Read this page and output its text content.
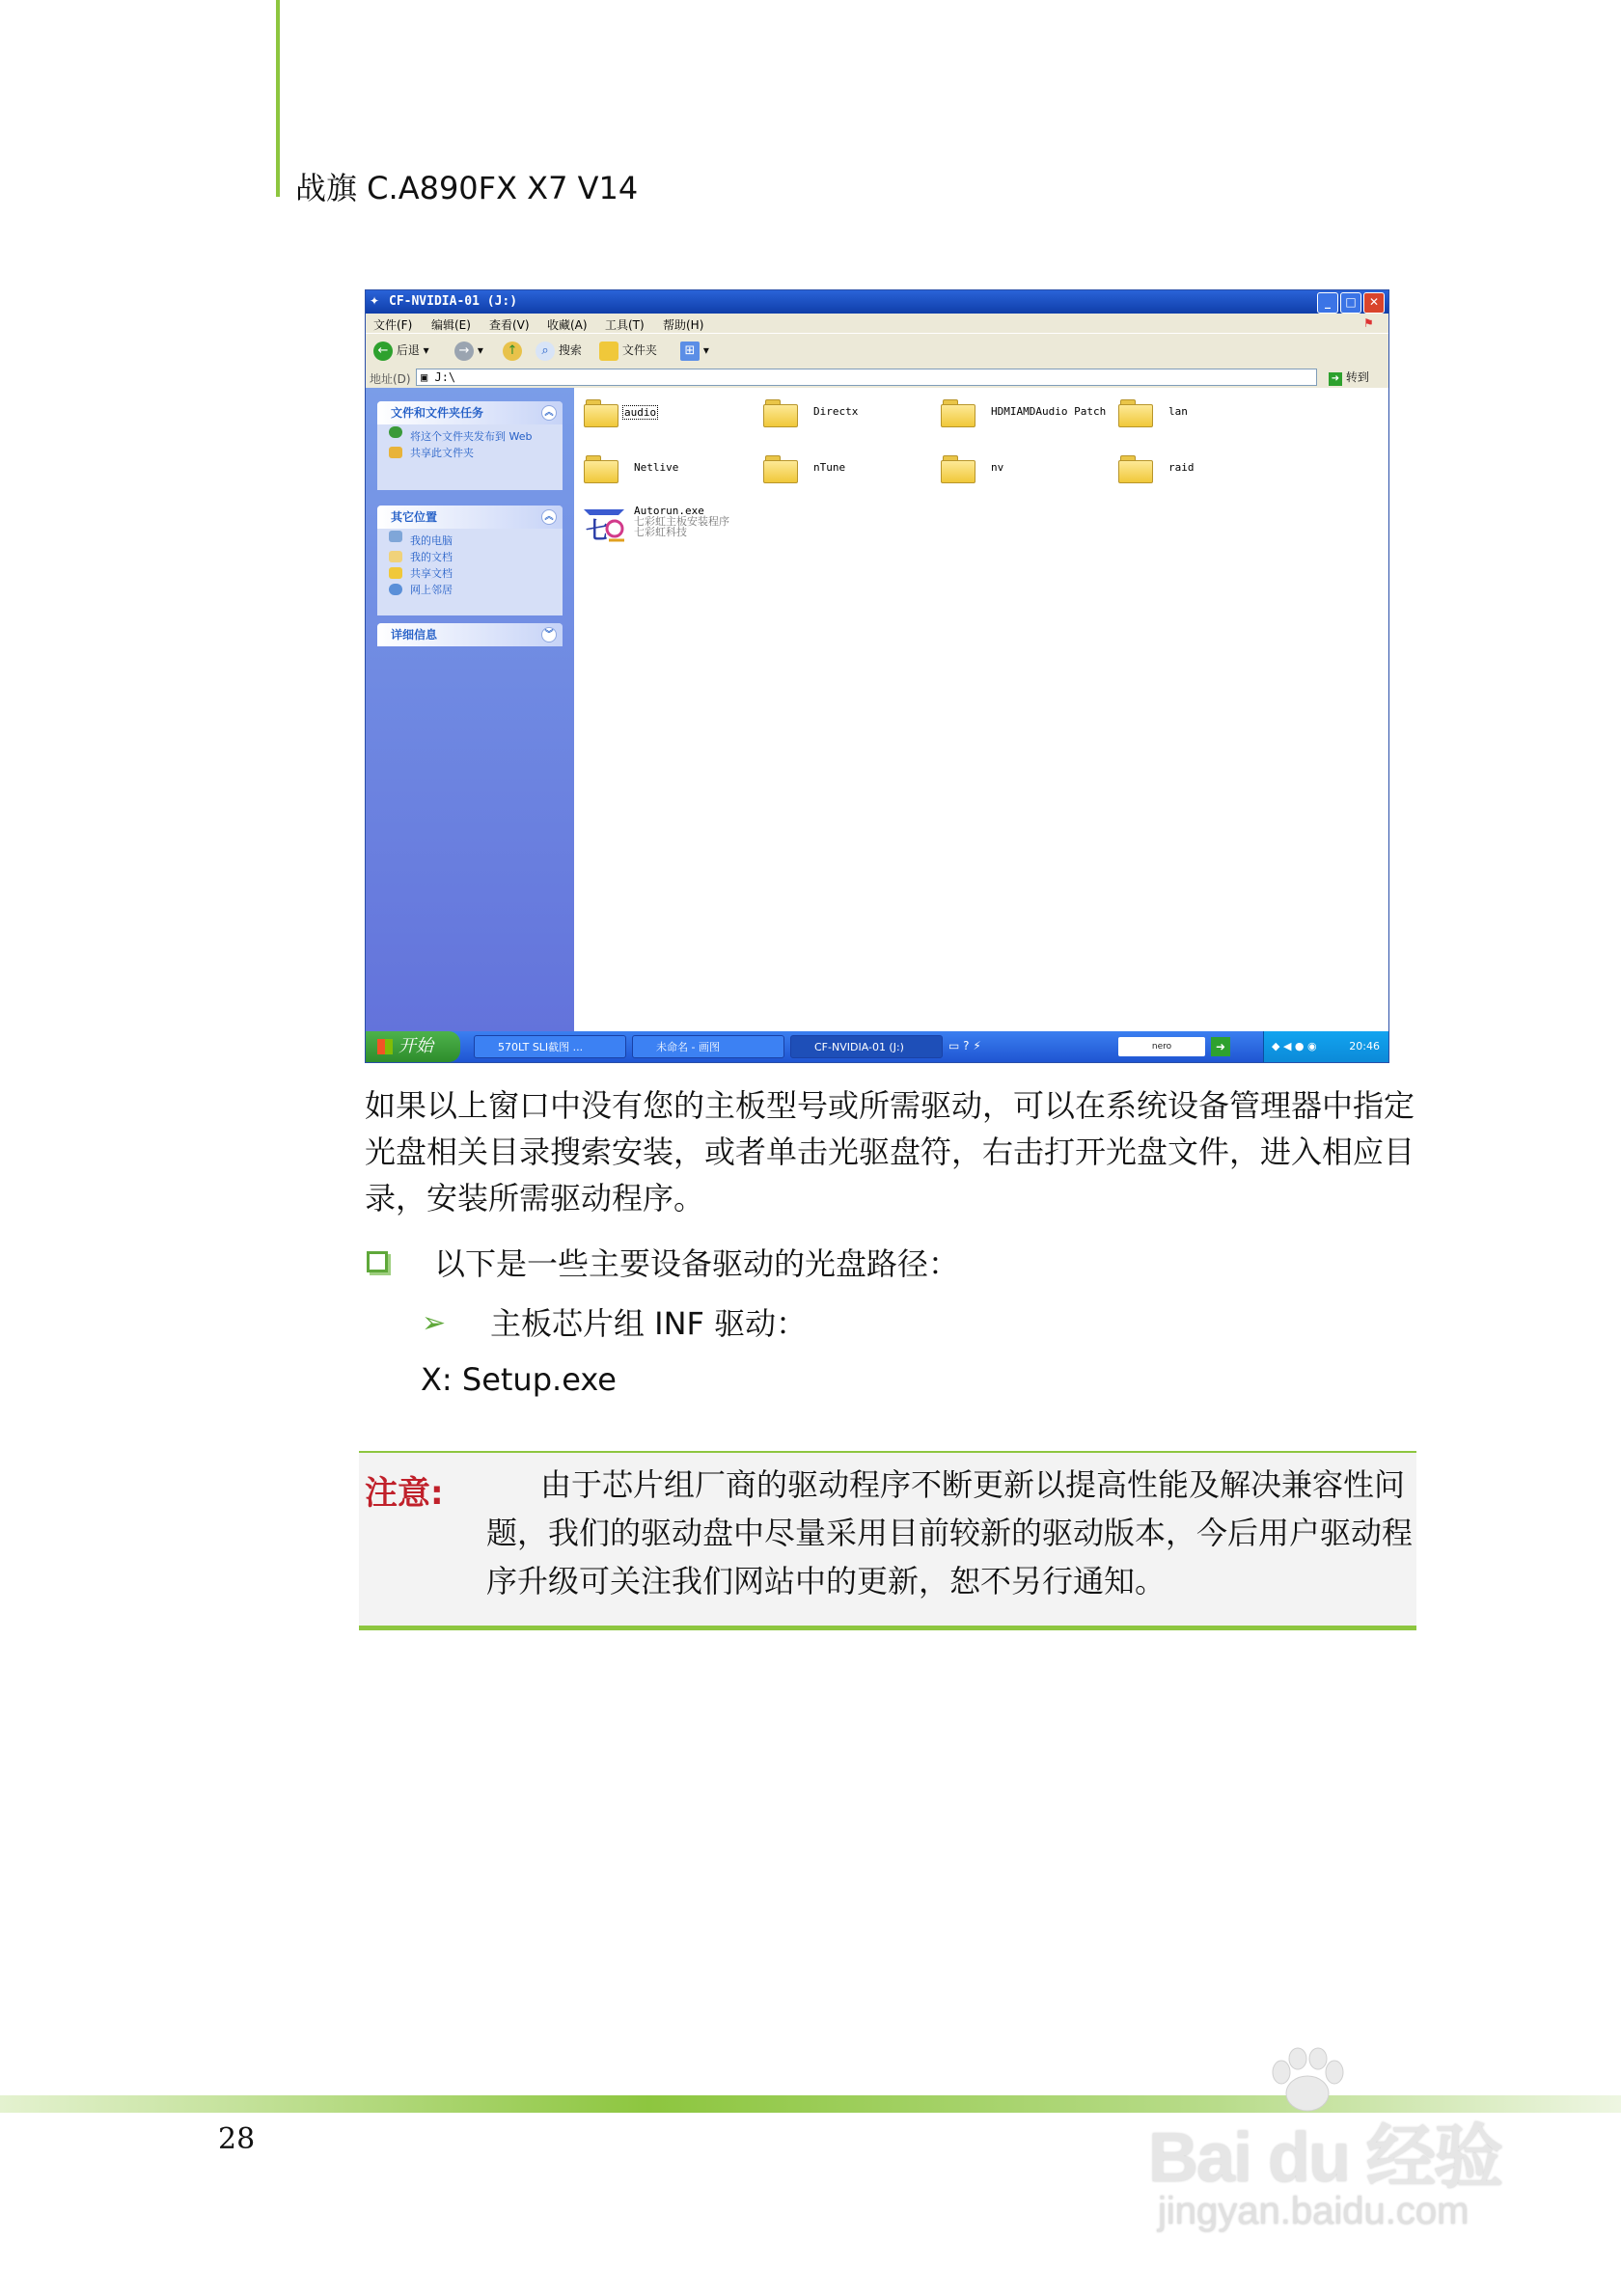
战旗 C.A890FX X7 V14
✦ CF-NVIDIA-01 (J:)	_	□	✕
文件(F) 编辑(E) 查看(V) 收藏(A) 工具(T) 帮助(H)	⚑
← 后退 ▾	→ ▾	↑	⌕ 搜索	文件夹	⊞ ▾
地址(D) ▣ J:\	➜ 转到
文件和文件夹任务	︽
将这个文件夹发布到 Web
共享此文件夹
其它位置	︽
我的电脑
我的文档
共享文档
网上邻居
详细信息	︾
audio	Directx	HDMIAMDAudio Patch	lan
Netlive	nTune	nv	raid
七
Autorun.exe
七彩虹主板安装程序
七彩虹科技
开始	570LT SLI截图 ...	未命名 - 画图	CF-NVIDIA-01 (J:)	▭ ? ⚡	nero	➜	◆ ◀ ● ◉	20:46
如果以上窗口中没有您的主板型号或所需驱动，可以在系统设备管理器中指定光盘相关目录搜索安装，或者单击光驱盘符，右击打开光盘文件，进入相应目录，安装所需驱动程序。
以下是一些主要设备驱动的光盘路径：
➢ 主板芯片组 INF 驱动：
X: Setup.exe
注意:	由于芯片组厂商的驱动程序不断更新以提高性能及解决兼容性问题，我们的驱动盘中尽量采用目前较新的驱动版本，今后用户驱动程序升级可关注我们网站中的更新，恕不另行通知。
28	Bai du 经验
jingyan.baidu.com
